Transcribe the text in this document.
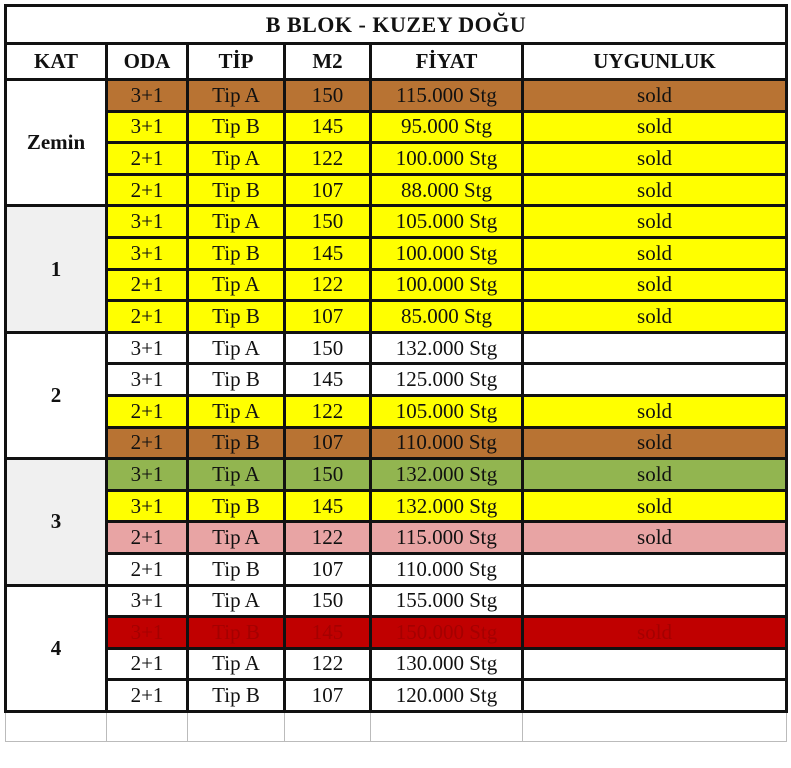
B BLOK - KUZEY DOĞU					
KAT	ODA	TİP	M2	FİYAT	UYGUNLUK
Zemin	3+1	Tip A	150	115.000 Stg	sold
	3+1	Tip B	145	95.000 Stg	sold
	2+1	Tip A	122	100.000 Stg	sold
	2+1	Tip B	107	88.000 Stg	sold
1	3+1	Tip A	150	105.000 Stg	sold
	3+1	Tip B	145	100.000 Stg	sold
	2+1	Tip A	122	100.000 Stg	sold
	2+1	Tip B	107	85.000 Stg	sold
2	3+1	Tip A	150	132.000 Stg	
	3+1	Tip B	145	125.000 Stg	
	2+1	Tip A	122	105.000 Stg	sold
	2+1	Tip B	107	110.000 Stg	sold
3	3+1	Tip A	150	132.000 Stg	sold
	3+1	Tip B	145	132.000 Stg	sold
	2+1	Tip A	122	115.000 Stg	sold
	2+1	Tip B	107	110.000 Stg	
4	3+1	Tip A	150	155.000 Stg	
	3+1	Tip B	145	150.000 Stg	sold
	2+1	Tip A	122	130.000 Stg	
	2+1	Tip B	107	120.000 Stg	
